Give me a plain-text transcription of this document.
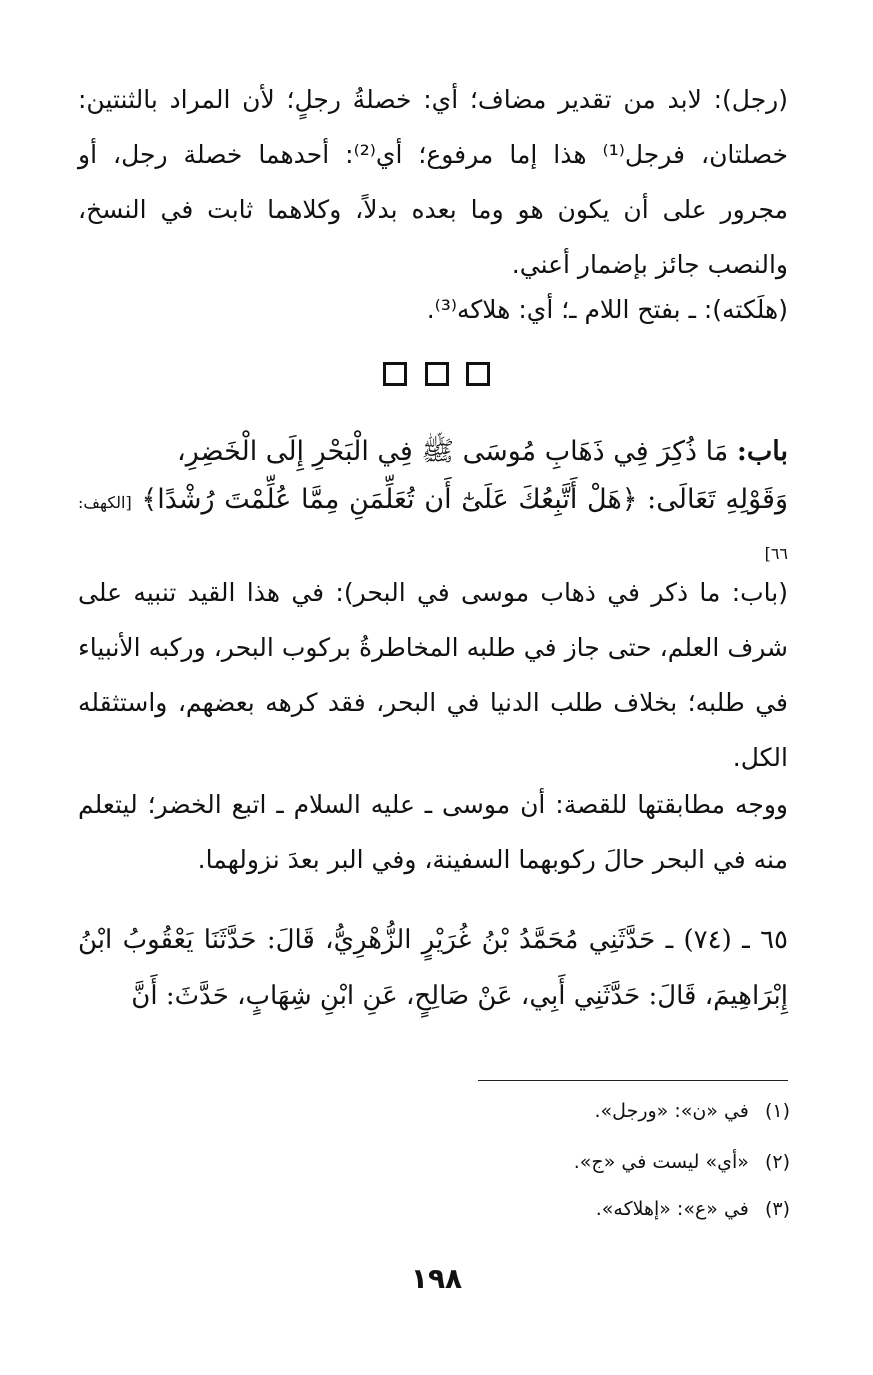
(رجل): لابد من تقدير مضاف؛ أي: خصلةُ رجلٍ؛ لأن المراد بالثنتين: خصلتان، فرجل⁽¹⁾ هذا إما مرفوع؛ أي⁽²⁾: أحدهما خصلة رجل، أو مجرور على أن يكون هو وما بعده بدلاً، وكلاهما ثابت في النسخ، والنصب جائز بإضمار أعني.

(هلَكته): ـ بفتح اللام ـ؛ أي: هلاكه⁽³⁾.

باب: مَا ذُكِرَ فِي ذَهَابِ مُوسَى ﷺ فِي الْبَحْرِ إِلَى الْخَضِرِ،
وَقَوْلِهِ تَعَالَى: ﴿هَلْ أَتَّبِعُكَ عَلَىٰٓ أَن تُعَلِّمَنِ مِمَّا عُلِّمْتَ رُشْدًا﴾ [الكهف: ٦٦]

(باب: ما ذكر في ذهاب موسى في البحر): في هذا القيد تنبيه على شرف العلم، حتى جاز في طلبه المخاطرةُ بركوب البحر، وركبه الأنبياء في طلبه؛ بخلاف طلب الدنيا في البحر، فقد كرهه بعضهم، واستثقله الكل.

ووجه مطابقتها للقصة: أن موسى ـ عليه السلام ـ اتبع الخضر؛ ليتعلم منه في البحر حالَ ركوبهما السفينة، وفي البر بعدَ نزولهما.

٦٥ ـ (٧٤) ـ حَدَّثَنِي مُحَمَّدُ بْنُ غُرَيْرٍ الزُّهْرِيُّ، قَالَ: حَدَّثَنَا يَعْقُوبُ ابْنُ إِبْرَاهِيمَ، قَالَ: حَدَّثَنِي أَبِي، عَنْ صَالِحٍ، عَنِ ابْنِ شِهَابٍ، حَدَّثَ: أَنَّ

(١) في «ن»: «ورجل».
(٢) «أي» ليست في «ج».
(٣) في «ع»: «إهلاكه».
١٩٨
